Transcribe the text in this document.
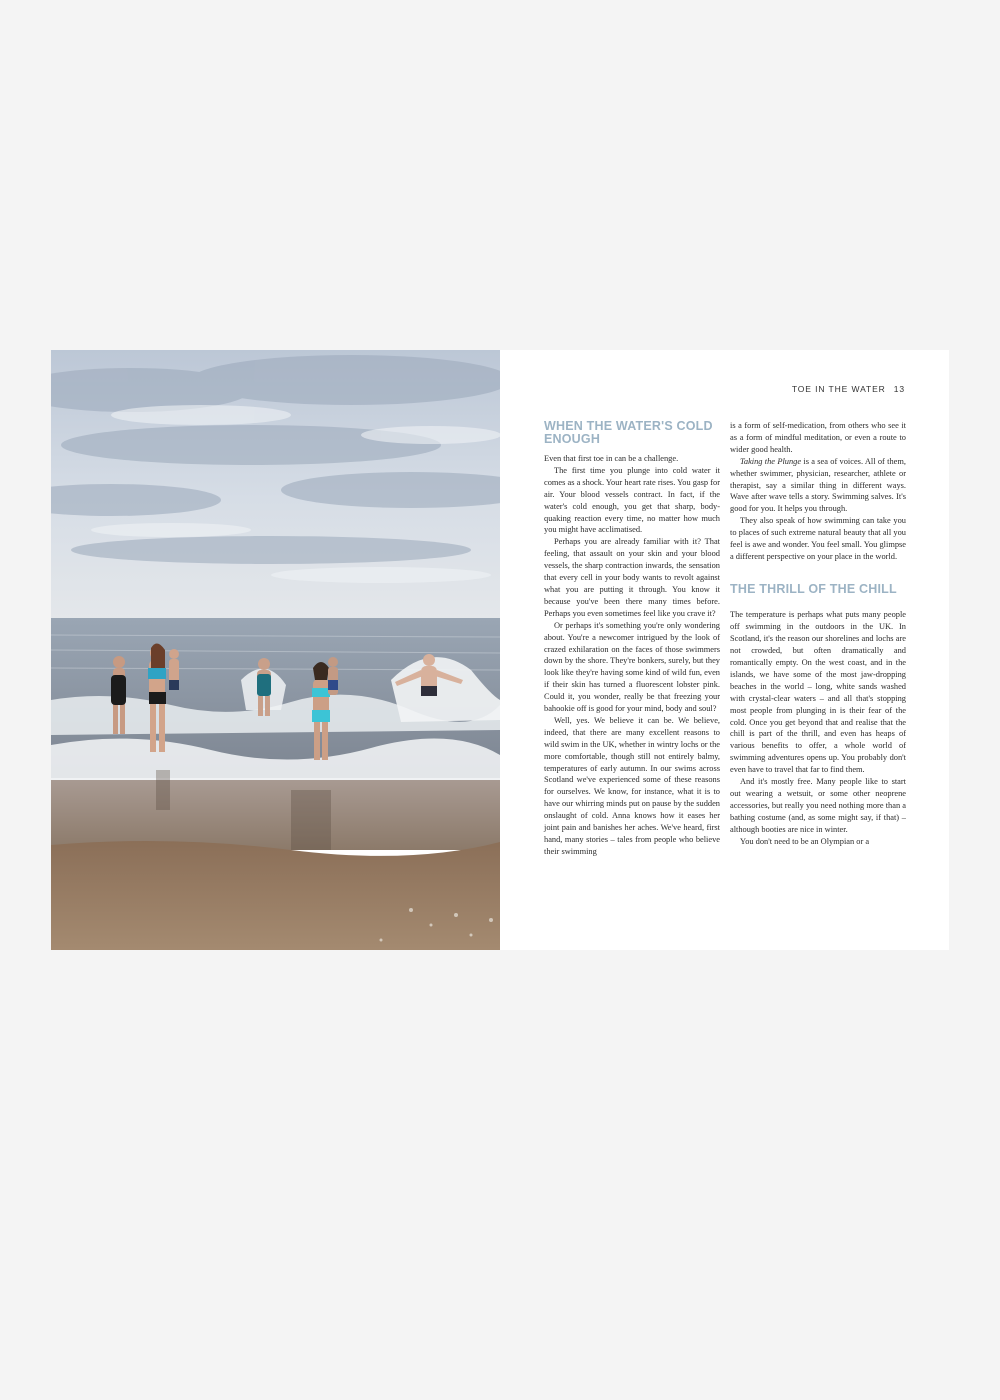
TOE IN THE WATER 13
WHEN THE WATER'S COLD ENOUGH

Even that first toe in can be a challenge.

The first time you plunge into cold water it comes as a shock. Your heart rate rises. You gasp for air. Your blood vessels contract. In fact, if the water's cold enough, you get that sharp, body-quaking reaction every time, no matter how much you might have acclimatised.

Perhaps you are already familiar with it? That feeling, that assault on your skin and your blood vessels, the sharp contraction inwards, the sensation that every cell in your body wants to revolt against what you are putting it through. You know it because you've been there many times before. Perhaps you even sometimes feel like you crave it?

Or perhaps it's something you're only wondering about. You're a newcomer intrigued by the look of crazed exhilaration on the faces of those swimmers down by the shore. They're bonkers, surely, but they look like they're having some kind of wild fun, even if their skin has turned a fluorescent lobster pink. Could it, you wonder, really be that freezing your bahookie off is good for your mind, body and soul?

Well, yes. We believe it can be. We believe, indeed, that there are many excellent reasons to wild swim in the UK, whether in wintry lochs or the more comfortable, though still not entirely balmy, temperatures of early autumn. In our swims across Scotland we've experienced some of these reasons for ourselves. We know, for instance, what it is to have our whirring minds put on pause by the sudden onslaught of cold. Anna knows how it eases her joint pain and banishes her aches. We've heard, first hand, many stories – tales from people who believe their swimming

is a form of self-medication, from others who see it as a form of mindful meditation, or even a route to wider good health.

Taking the Plunge is a sea of voices. All of them, whether swimmer, physician, researcher, athlete or therapist, say a similar thing in different ways. Wave after wave tells a story. Swimming salves. It's good for you. It helps you through.

They also speak of how swimming can take you to places of such extreme natural beauty that all you feel is awe and wonder. You feel small. You glimpse a different perspective on your place in the world.

THE THRILL OF THE CHILL

The temperature is perhaps what puts many people off swimming in the outdoors in the UK. In Scotland, it's the reason our shorelines and lochs are not crowded, but often dramatically and romantically empty. On the west coast, and in the islands, we have some of the most jaw-dropping beaches in the world – long, white sands washed with crystal-clear waters – and all that's stopping most people from plunging in is their fear of the cold. Once you get beyond that and realise that the chill is part of the thrill, and even has heaps of various benefits to offer, a whole world of swimming adventures opens up. You probably don't even have to travel that far to find them.

And it's mostly free. Many people like to start out wearing a wetsuit, or some other neoprene accessories, but really you need nothing more than a bathing costume (and, as some might say, if that) – although booties are nice in winter.

You don't need to be an Olympian or a
